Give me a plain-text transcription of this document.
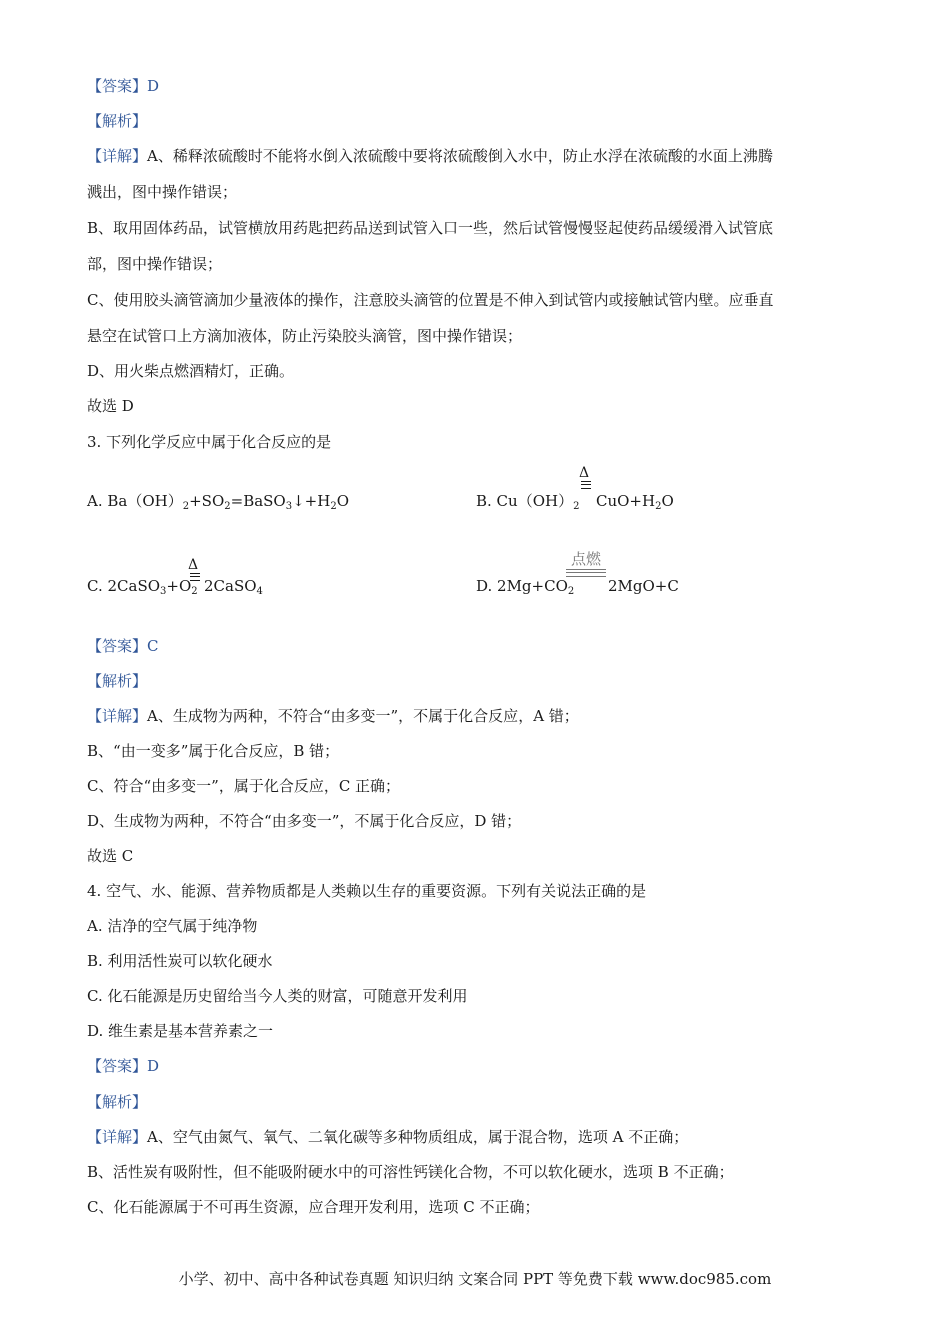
【答案】D
【解析】
【详解】A、稀释浓硫酸时不能将水倒入浓硫酸中要将浓硫酸倒入水中，防止水浮在浓硫酸的水面上沸腾
溅出，图中操作错误；
B、取用固体药品，试管横放用药匙把药品送到试管入口一些，然后试管慢慢竖起使药品缓缓滑入试管底
部，图中操作错误；
C、使用胶头滴管滴加少量液体的操作，注意胶头滴管的位置是不伸入到试管内或接触试管内壁。应垂直
悬空在试管口上方滴加液体，防止污染胶头滴管，图中操作错误；
D、用火柴点燃酒精灯，正确。
故选 D
3. 下列化学反应中属于化合反应的是
A. $Ba(OH)_2+SO_2=BaSO_3↓+H_2O$	B. $Cu(OH)_2$
Δ
$CuO+H_2O$
C. $2CaSO_3+O_2$
Δ
2CaSO$_4$	D. $2Mg+CO_2$
点燃
2MgO+C
【答案】C
【解析】
【详解】A、生成物为两种，不符合“由多变一”，不属于化合反应，A 错；
B、“由一变多”属于化合反应，B 错；
C、符合“由多变一”，属于化合反应，C 正确；
D、生成物为两种，不符合“由多变一”，不属于化合反应，D 错；
故选 C
4. 空气、水、能源、营养物质都是人类赖以生存的重要资源。下列有关说法正确的是
A. 洁净的空气属于纯净物
B. 利用活性炭可以软化硬水
C. 化石能源是历史留给当今人类的财富，可随意开发利用
D. 维生素是基本营养素之一
【答案】D
【解析】
【详解】A、空气由氮气、氧气、二氧化碳等多种物质组成，属于混合物，选项 A 不正确；
B、活性炭有吸附性，但不能吸附硬水中的可溶性钙镁化合物，不可以软化硬水，选项 B 不正确；
C、化石能源属于不可再生资源，应合理开发利用，选项 C 不正确；
小学、初中、高中各种试卷真题 知识归纳 文案合同 PPT 等免费下载 www.doc985.com
